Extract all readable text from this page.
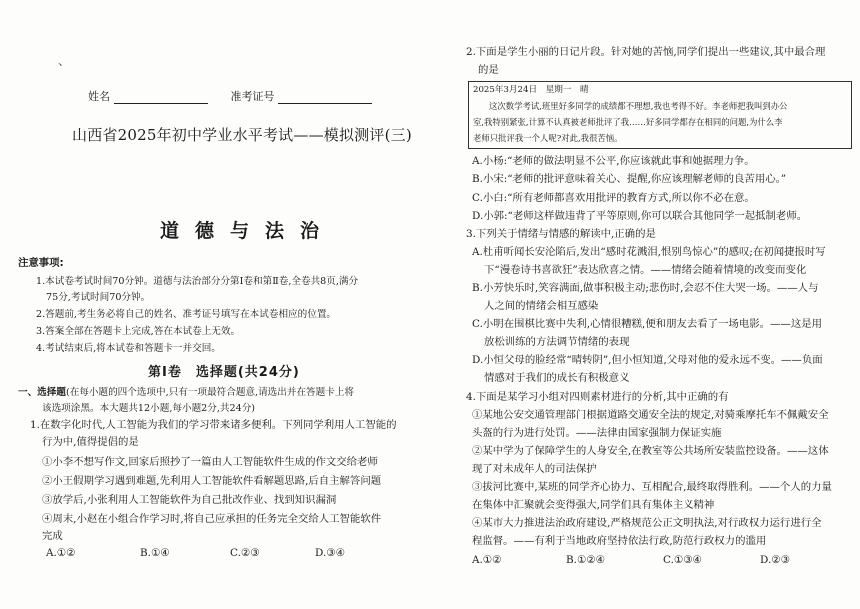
、
姓名	准考证号
山西省2025年初中学业水平考试——模拟测评(三)
道德与法治
注意事项:
1.本试卷考试时间70分钟。道德与法治部分分第Ⅰ卷和第Ⅱ卷,全卷共8页,满分
75分,考试时间70分钟。
2.答题前,考生务必将自己的姓名、准考证号填写在本试卷相应的位置。
3.答案全部在答题卡上完成,答在本试卷上无效。
4.考试结束后,将本试卷和答题卡一并交回。
第Ⅰ卷　选择题(共24分)
一、选择题(在每小题的四个选项中,只有一项最符合题意,请选出并在答题卡上将
该选项涂黑。本大题共12小题,每小题2分,共24分)
1.在数字化时代,人工智能为我们的学习带来诸多便利。下列同学利用人工智能的
行为中,值得提倡的是
①小李不想写作文,回家后照抄了一篇由人工智能软件生成的作文交给老师
②小王假期学习遇到难题,先利用人工智能软件看解题思路,后自主解答问题
③放学后,小张利用人工智能软件为自己批改作业、找到知识漏洞
④周末,小赵在小组合作学习时,将自己应承担的任务完全交给人工智能软件
完成
A.①②	B.①④	C.②③	D.③④
2.下面是学生小丽的日记片段。针对她的苦恼,同学们提出一些建议,其中最合理
的是
2025年3月24日　星期一　晴
这次数学考试,班里好多同学的成绩都不理想,我也考得不好。李老师把我叫到办公
室,我特别紧张,计算不认真被老师批评了我……好多同学都存在相同的问题,为什么李
老师只批评我一个人呢?对此,我很苦恼。
A.小杨:“老师的做法明显不公平,你应该就此事和她据理力争。
B.小宋:“老师的批评意味着关心、提醒,你应该理解老师的良苦用心。”
C.小白:“所有老师都喜欢用批评的教育方式,所以你不必在意。
D.小郭:“老师这样做违背了平等原则,你可以联合其他同学一起抵制老师。
3.下列关于情绪与情感的解读中,正确的是
A.杜甫听闻长安沦陷后,发出“感时花溅泪,恨别鸟惊心”的感叹;在初闻捷报时写
下“漫卷诗书喜欲狂”表达欣喜之情。——情绪会随着情境的改变而变化
B.小芳快乐时,笑容满面,做事积极主动;悲伤时,会忍不住大哭一场。——人与
人之间的情绪会相互感染
C.小明在围棋比赛中失利,心情很糟糕,便和朋友去看了一场电影。——这是用
放松训练的方法调节情绪的表现
D.小恒父母的脸经常“晴转阴”,但小恒知道,父母对他的爱永远不变。——负面
情感对于我们的成长有积极意义
4.下面是某学习小组对四则素材进行的分析,其中正确的有
①某地公安交通管理部门根据道路交通安全法的规定,对骑乘摩托车不佩戴安全
头盔的行为进行处罚。——法律由国家强制力保证实施
②某中学为了保障学生的人身安全,在教室等公共场所安装监控设备。——这体
现了对未成年人的司法保护
③拔河比赛中,某班的同学齐心协力、互相配合,最终取得胜利。——个人的力量
在集体中汇聚就会变得强大,同学们具有集体主义精神
④某市大力推进法治政府建设,严格规范公正文明执法,对行政权力运行进行全
程监督。——有利于当地政府坚持依法行政,防范行政权力的滥用
A.①②	B.①②④	C.①③④	D.②③
